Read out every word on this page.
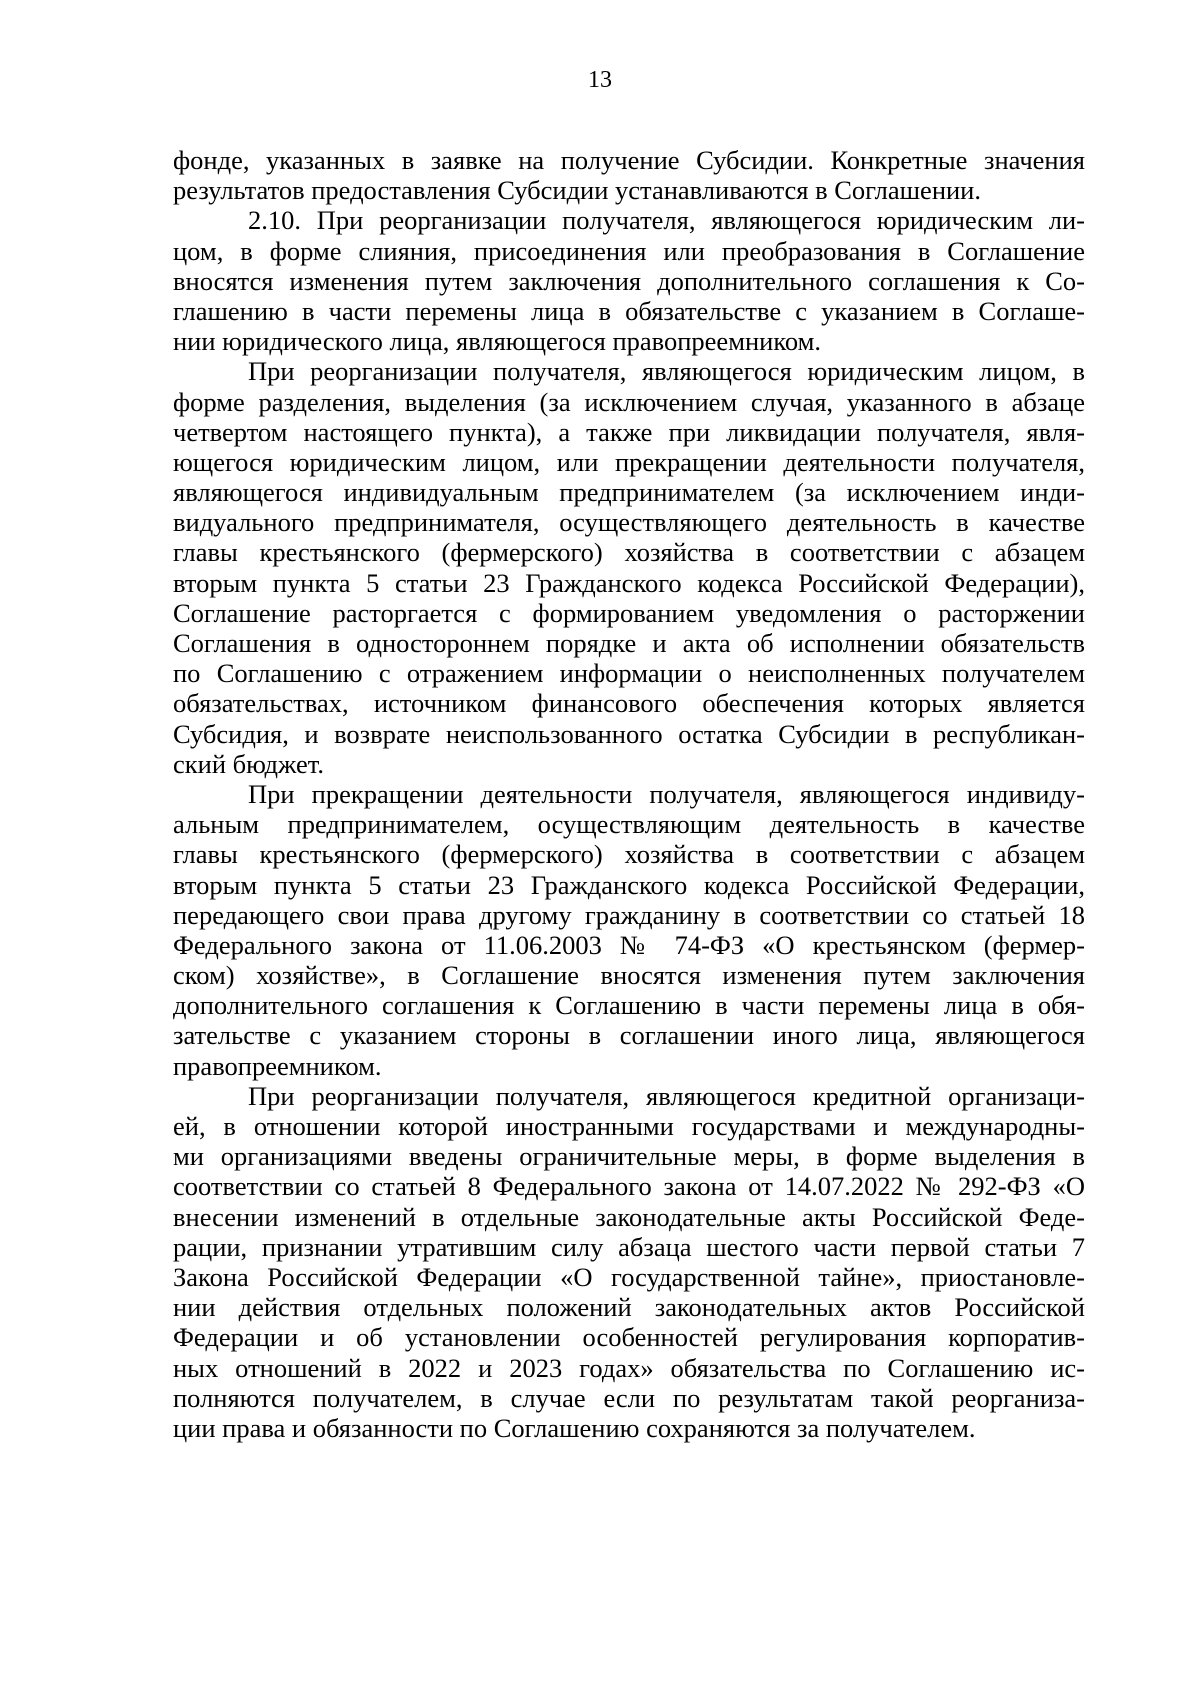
13
фонде, указанных в заявке на получение Субсидии. Конкретные значения
результатов предоставления Субсидии устанавливаются в Соглашении.
2.10. При реорганизации получателя, являющегося юридическим ли-
цом, в форме слияния, присоединения или преобразования в Соглашение
вносятся изменения путем заключения дополнительного соглашения к Со-
глашению в части перемены лица в обязательстве с указанием в Соглаше-
нии юридического лица, являющегося правопреемником.
При реорганизации получателя, являющегося юридическим лицом, в
форме разделения, выделения (за исключением случая, указанного в абзаце
четвертом настоящего пункта), а также при ликвидации получателя, явля-
ющегося юридическим лицом, или прекращении деятельности получателя,
являющегося индивидуальным предпринимателем (за исключением инди-
видуального предпринимателя, осуществляющего деятельность в качестве
главы крестьянского (фермерского) хозяйства в соответствии с абзацем
вторым пункта 5 статьи 23 Гражданского кодекса Российской Федерации),
Соглашение расторгается с формированием уведомления о расторжении
Соглашения в одностороннем порядке и акта об исполнении обязательств
по Соглашению с отражением информации о неисполненных получателем
обязательствах, источником финансового обеспечения которых является
Субсидия, и возврате неиспользованного остатка Субсидии в республикан-
ский бюджет.
При прекращении деятельности получателя, являющегося индивиду-
альным предпринимателем, осуществляющим деятельность в качестве
главы крестьянского (фермерского) хозяйства в соответствии с абзацем
вторым пункта 5 статьи 23 Гражданского кодекса Российской Федерации,
передающего свои права другому гражданину в соответствии со статьей 18
Федерального закона от 11.06.2003 № 74-ФЗ «О крестьянском (фермер-
ском) хозяйстве», в Соглашение вносятся изменения путем заключения
дополнительного соглашения к Соглашению в части перемены лица в обя-
зательстве с указанием стороны в соглашении иного лица, являющегося
правопреемником.
При реорганизации получателя, являющегося кредитной организаци-
ей, в отношении которой иностранными государствами и международны-
ми организациями введены ограничительные меры, в форме выделения в
соответствии со статьей 8 Федерального закона от 14.07.2022 № 292-ФЗ «О
внесении изменений в отдельные законодательные акты Российской Феде-
рации, признании утратившим силу абзаца шестого части первой статьи 7
Закона Российской Федерации «О государственной тайне», приостановле-
нии действия отдельных положений законодательных актов Российской
Федерации и об установлении особенностей регулирования корпоратив-
ных отношений в 2022 и 2023 годах» обязательства по Соглашению ис-
полняются получателем, в случае если по результатам такой реорганиза-
ции права и обязанности по Соглашению сохраняются за получателем.
